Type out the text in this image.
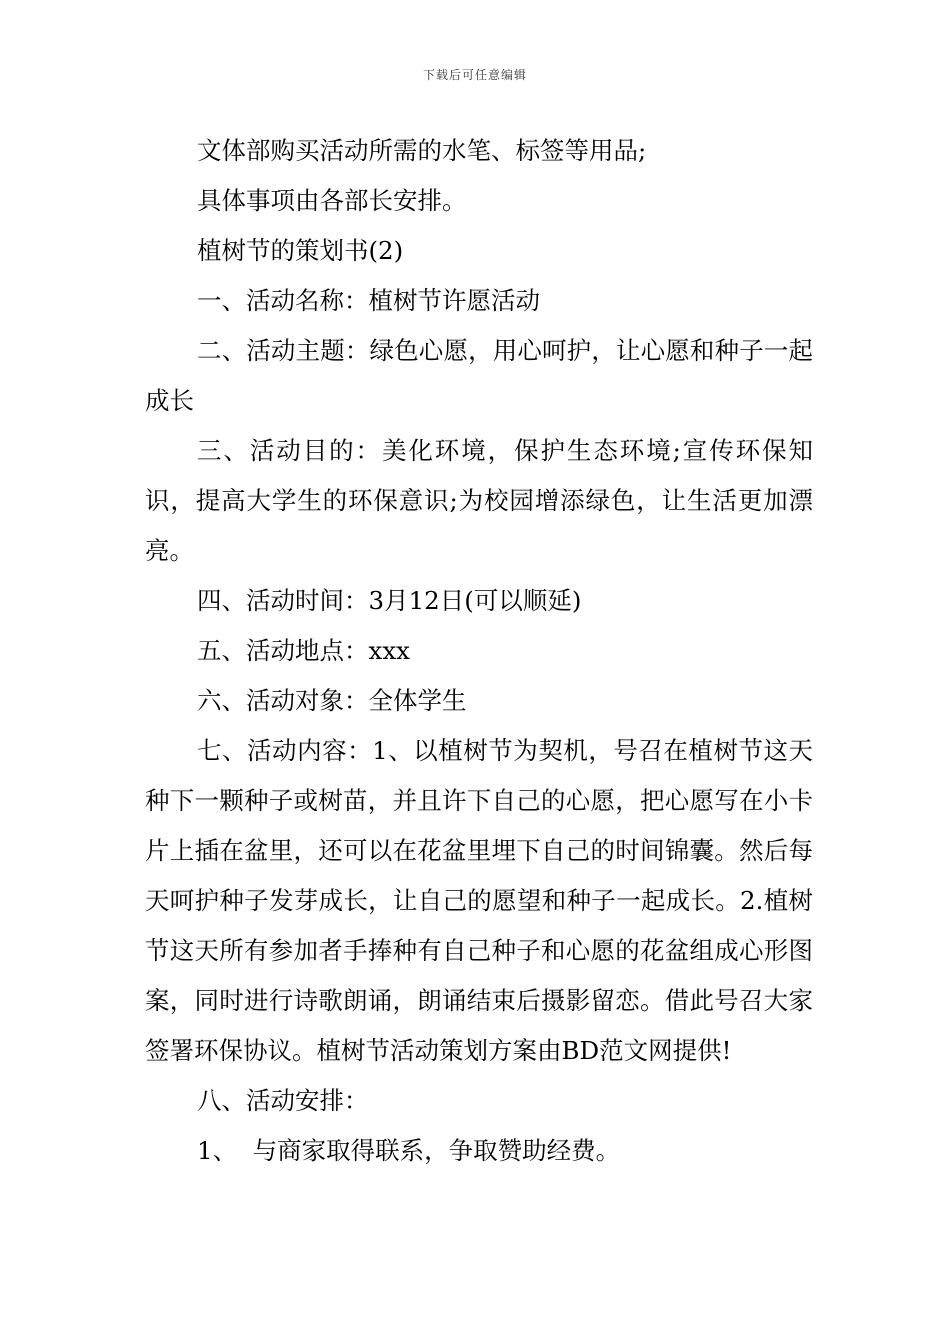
下载后可任意编辑

文体部购买活动所需的水笔、标签等用品;

具体事项由各部长安排。

植树节的策划书(2)

一、活动名称：植树节许愿活动

二、活动主题：绿色心愿，用心呵护，让心愿和种子一起成长

三、活动目的：美化环境，保护生态环境;宣传环保知识，提高大学生的环保意识;为校园增添绿色，让生活更加漂亮。

四、活动时间：3月12日(可以顺延)

五、活动地点：xxx

六、活动对象：全体学生

七、活动内容：1、以植树节为契机，号召在植树节这天种下一颗种子或树苗，并且许下自己的心愿，把心愿写在小卡片上插在盆里，还可以在花盆里埋下自己的时间锦囊。然后每天呵护种子发芽成长，让自己的愿望和种子一起成长。2.植树节这天所有参加者手捧种有自己种子和心愿的花盆组成心形图案，同时进行诗歌朗诵，朗诵结束后摄影留恋。借此号召大家签署环保协议。植树节活动策划方案由BD范文网提供!

八、活动安排：

1、  与商家取得联系，争取赞助经费。
